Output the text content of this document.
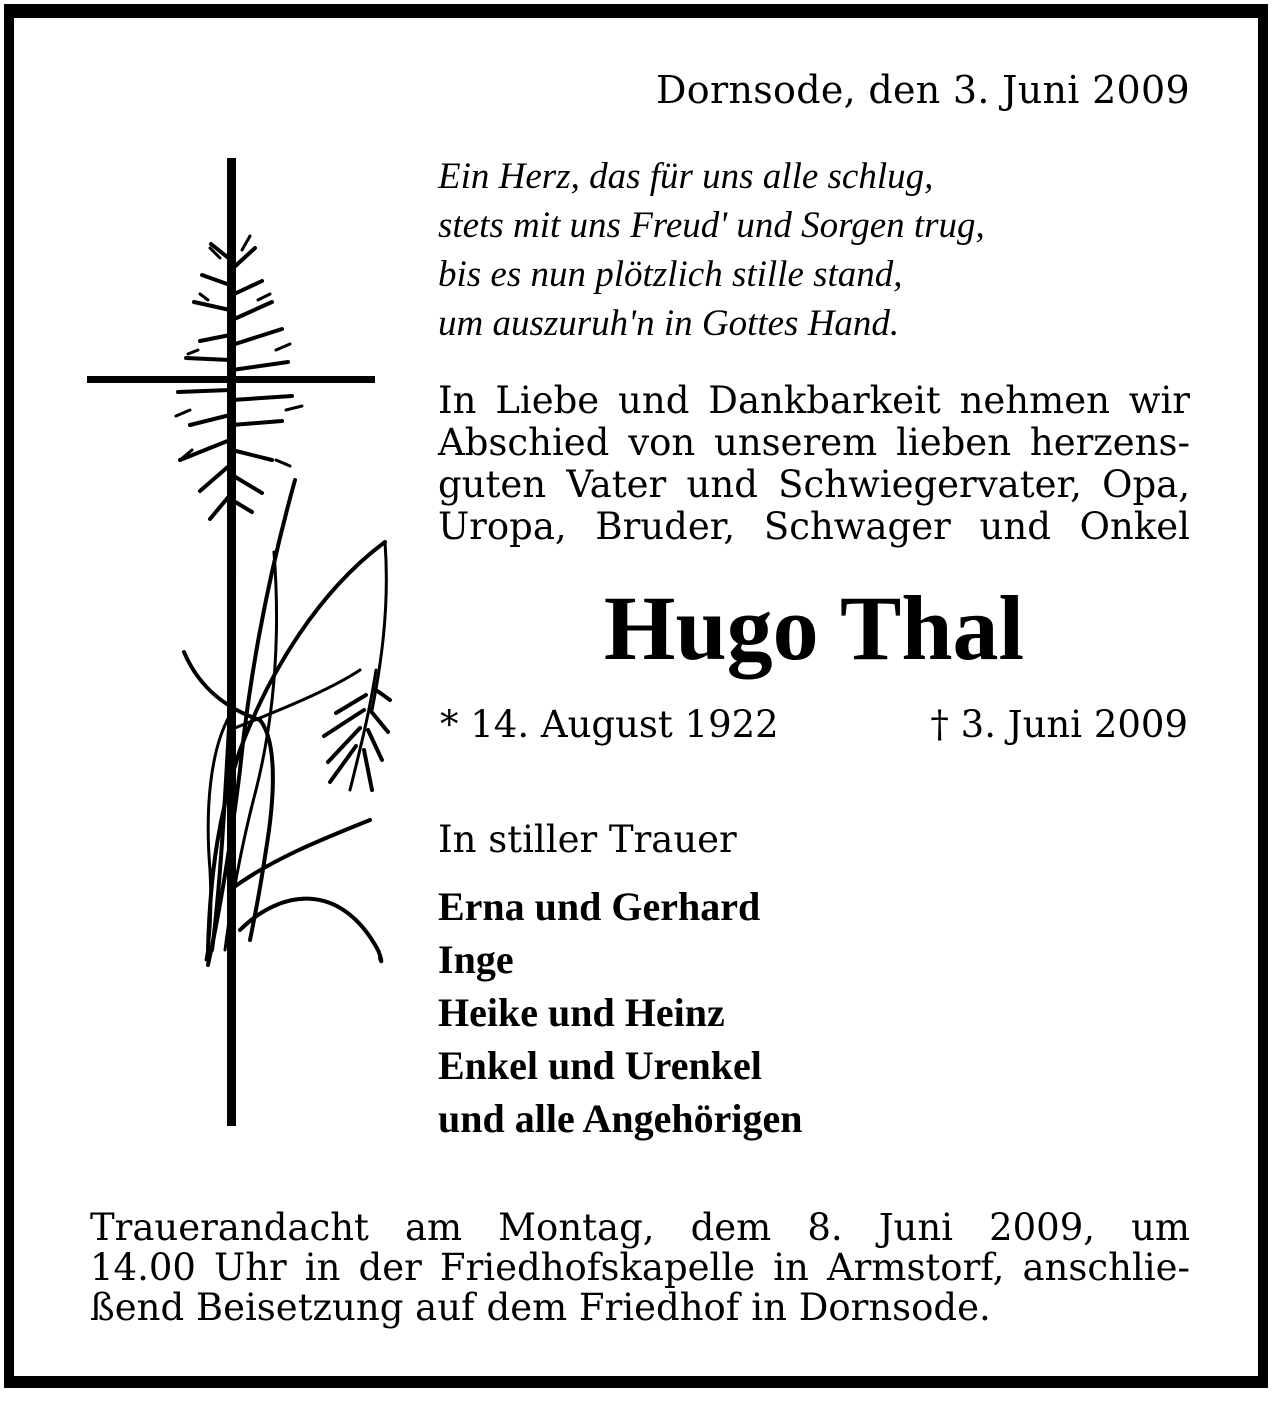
Dornsode, den 3. Juni 2009

Ein Herz, das für uns alle schlug,
stets mit uns Freud' und Sorgen trug,
bis es nun plötzlich stille stand,
um auszuruh'n in Gottes Hand.
In Liebe und Dankbarkeit nehmen wir
Abschied von unserem lieben herzens-
guten Vater und Schwiegervater, Opa,
Uropa, Bruder, Schwager und Onkel
Hugo Thal
* 14. August 1922	† 3. Juni 2009
In stiller Trauer
Erna und Gerhard
Inge
Heike und Heinz
Enkel und Urenkel
und alle Angehörigen
Trauerandacht am Montag, dem 8. Juni 2009, um
14.00 Uhr in der Friedhofskapelle in Armstorf, anschlie-
ßend Beisetzung auf dem Friedhof in Dornsode.
